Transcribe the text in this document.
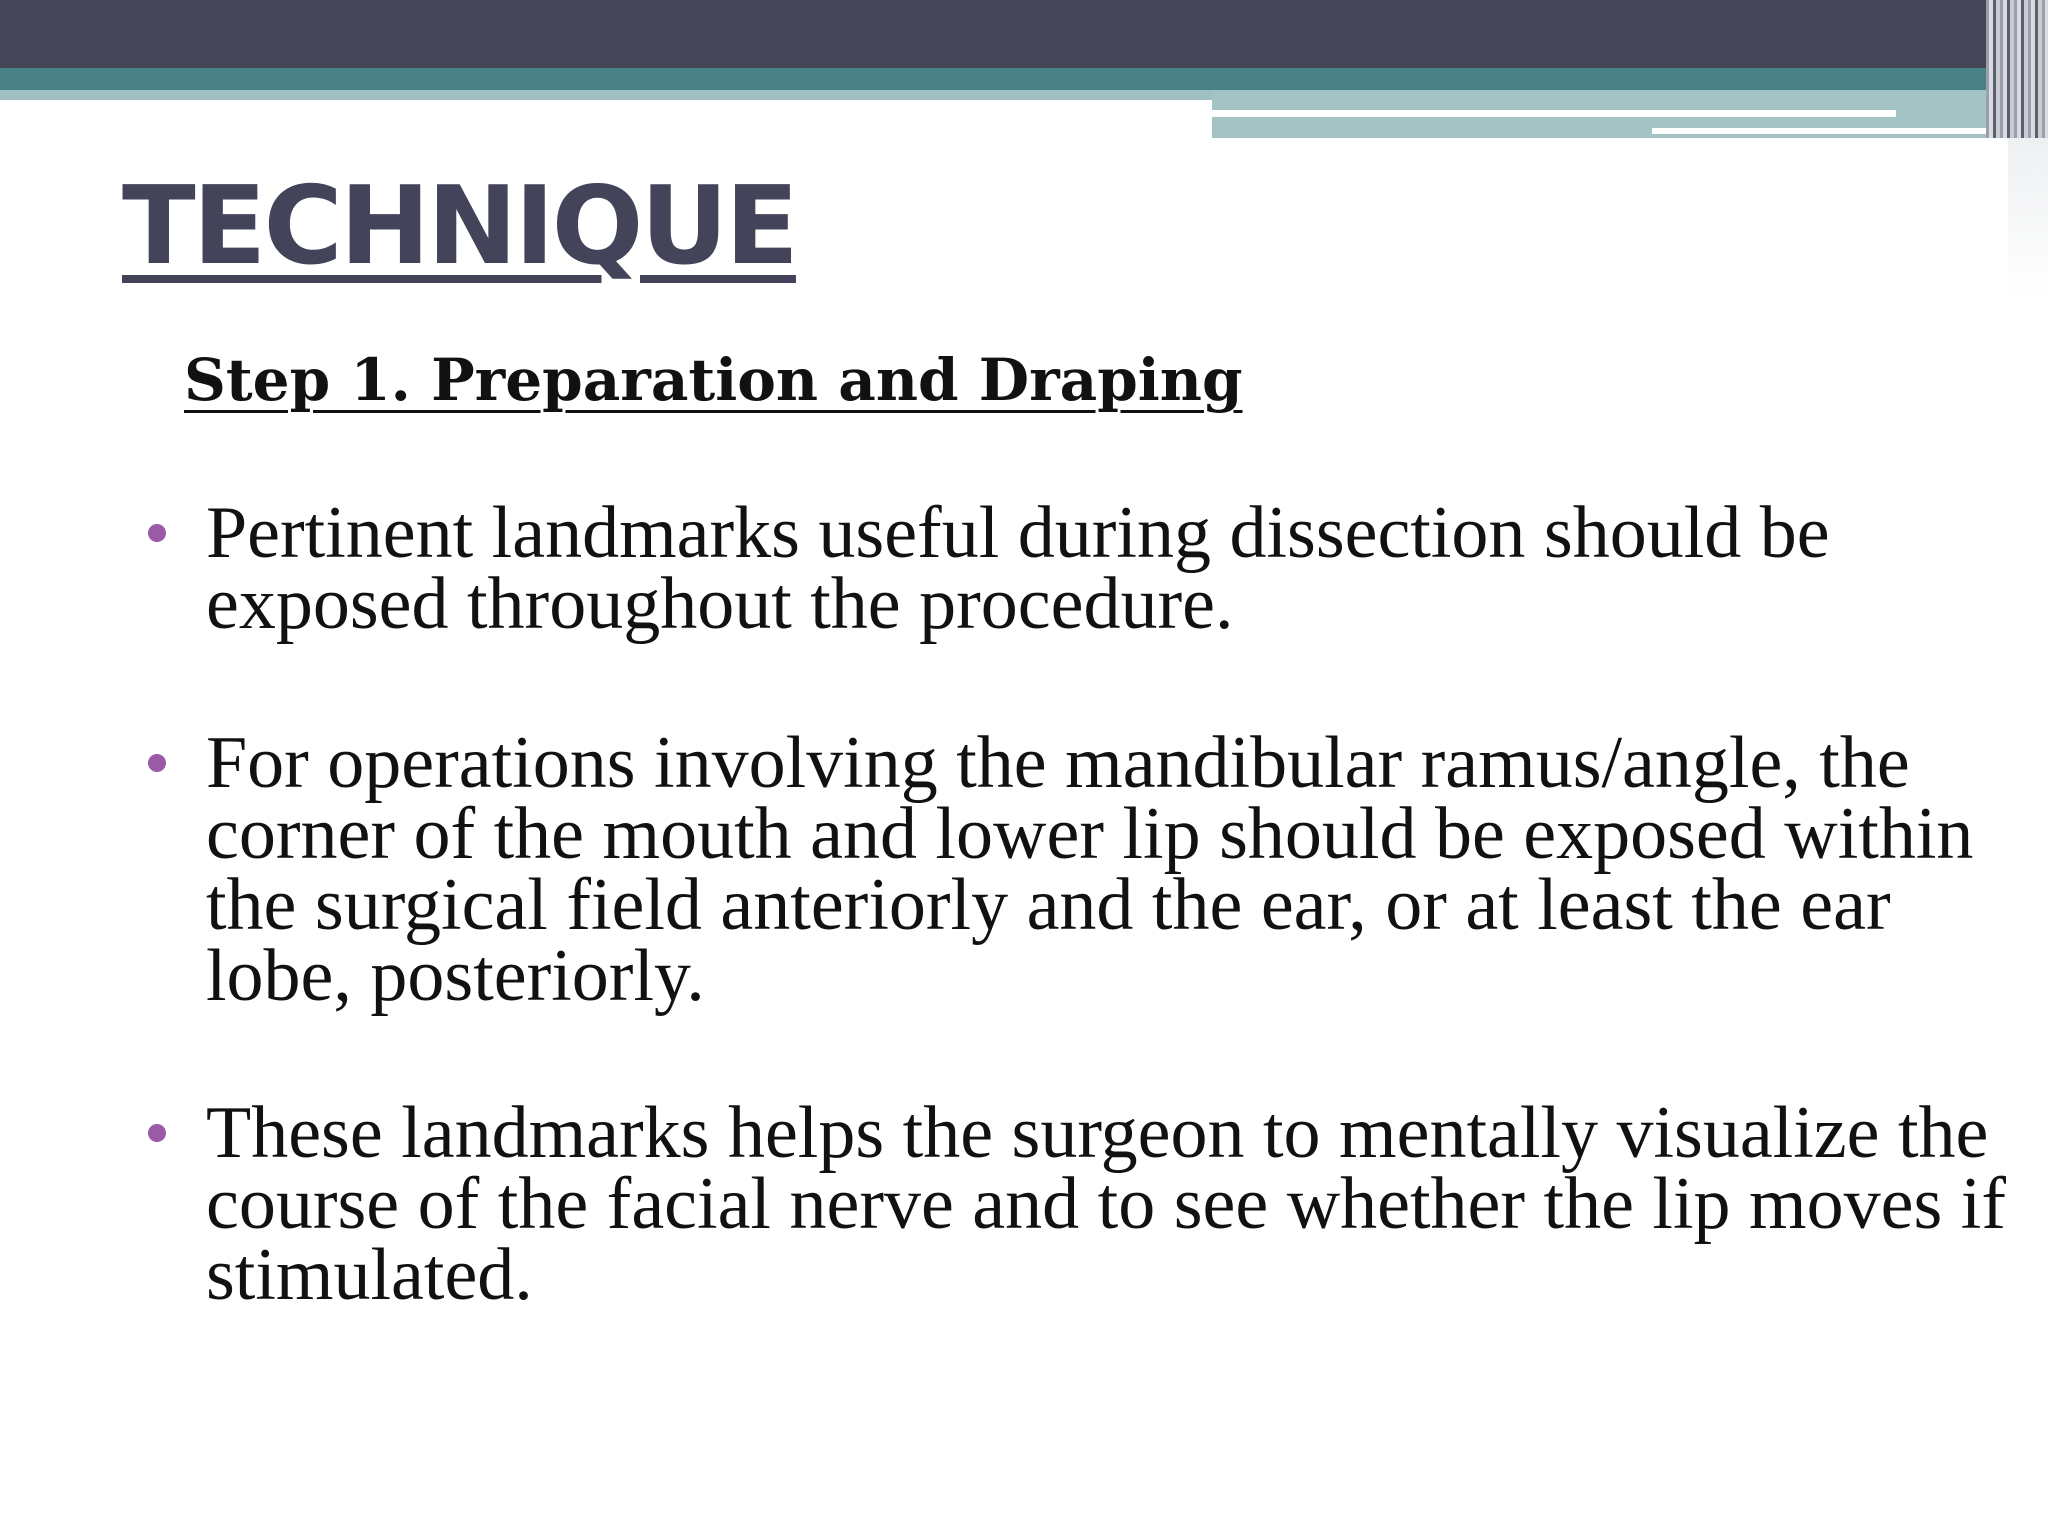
TECHNIQUE

Step 1. Preparation and Draping

Pertinent landmarks useful during dissection should be exposed throughout the procedure.
For operations involving the mandibular ramus/angle, the corner of the mouth and lower lip should be exposed within the surgical field anteriorly and the ear, or at least the ear lobe, posteriorly.
These landmarks helps the surgeon to mentally visualize the course of the facial nerve and to see whether the lip moves if stimulated.
